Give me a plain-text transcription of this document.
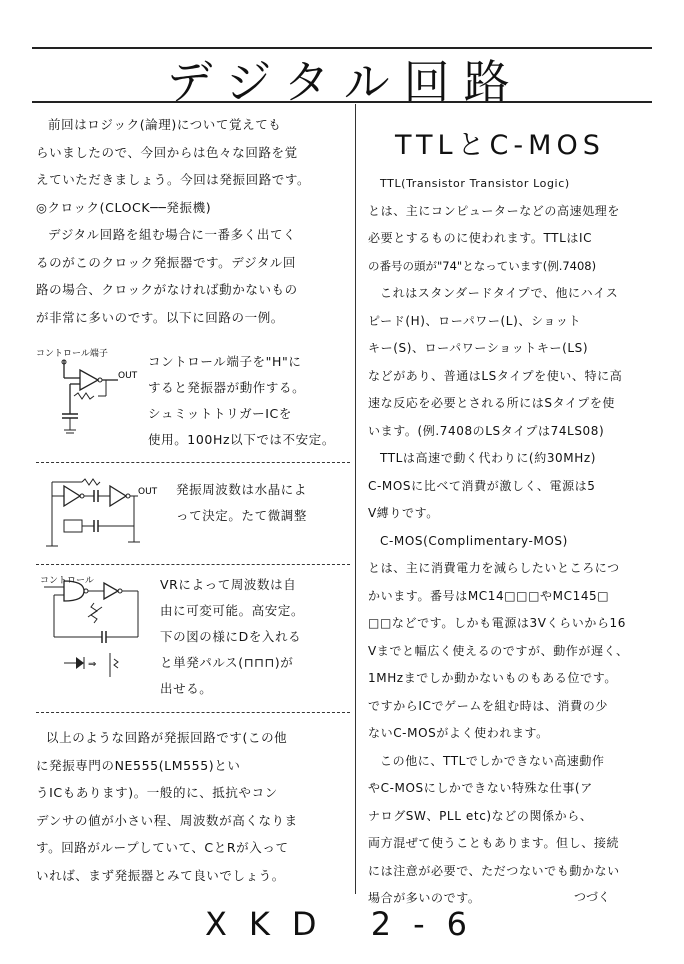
デジタル回路

前回はロジック(論理)について覚えても

らいましたので、今回からは色々な回路を覚

えていただきましょう。今回は発振回路です。

◎クロック(CLOCK──発振機)

デジタル回路を組む場合に一番多く出てく

るのがこのクロック発振器です。デジタル回

路の場合、クロックがなければ動かないもの

が非常に多いのです。以下に回路の一例。

コントロール端子
OUT
コントロール端子を"H"に
すると発振器が動作する。
シュミットトリガーICを
使用。100Hz以下では不安定。
OUT 発振周波数は水晶によ
って決定。たて微調整
コントロール
⇒
VRによって周波数は自
由に可変可能。高安定。
下の図の様にDを入れる
と単発パルス(⊓⊓⊓)が
出せる。

以上のような回路が発振回路です(この他

に発振専門のNE555(LM555)とい

うICもあります)。一般的に、抵抗やコン

デンサの値が小さい程、周波数が高くなりま

す。回路がループしていて、CとRが入って

いれば、まず発振器とみて良いでしょう。

TTLとC-MOS

TTL(Transistor Transistor Logic)

とは、主にコンピューターなどの高速処理を

必要とするものに使われます。TTLはIC

の番号の頭が"74"となっています(例.7408)

これはスタンダードタイプで、他にハイス

ピード(H)、ローパワー(L)、ショット

キー(S)、ローパワーショットキー(LS)

などがあり、普通はLSタイプを使い、特に高

速な反応を必要とされる所にはSタイプを使

います。(例.7408のLSタイプは74LS08)

TTLは高速で動く代わりに(約30MHz)

C-MOSに比べて消費が激しく、電源は5

V縛りです。

C-MOS(Complimentary-MOS)

とは、主に消費電力を減らしたいところにつ

かいます。番号はMC14□□□やMC145□

□□などです。しかも電源は3Vくらいから16

Vまでと幅広く使えるのですが、動作が遅く、

1MHzまでしか動かないものもある位です。

ですからICでゲームを組む時は、消費の少

ないC-MOSがよく使われます。

この他に、TTLでしかできない高速動作

やC-MOSにしかできない特殊な仕事(ア

ナログSW、PLL etc)などの関係から、

両方混ぜて使うこともあります。但し、接続

には注意が必要で、ただつないでも動かない

場合が多いのです。	つづく
XKD 2-6
